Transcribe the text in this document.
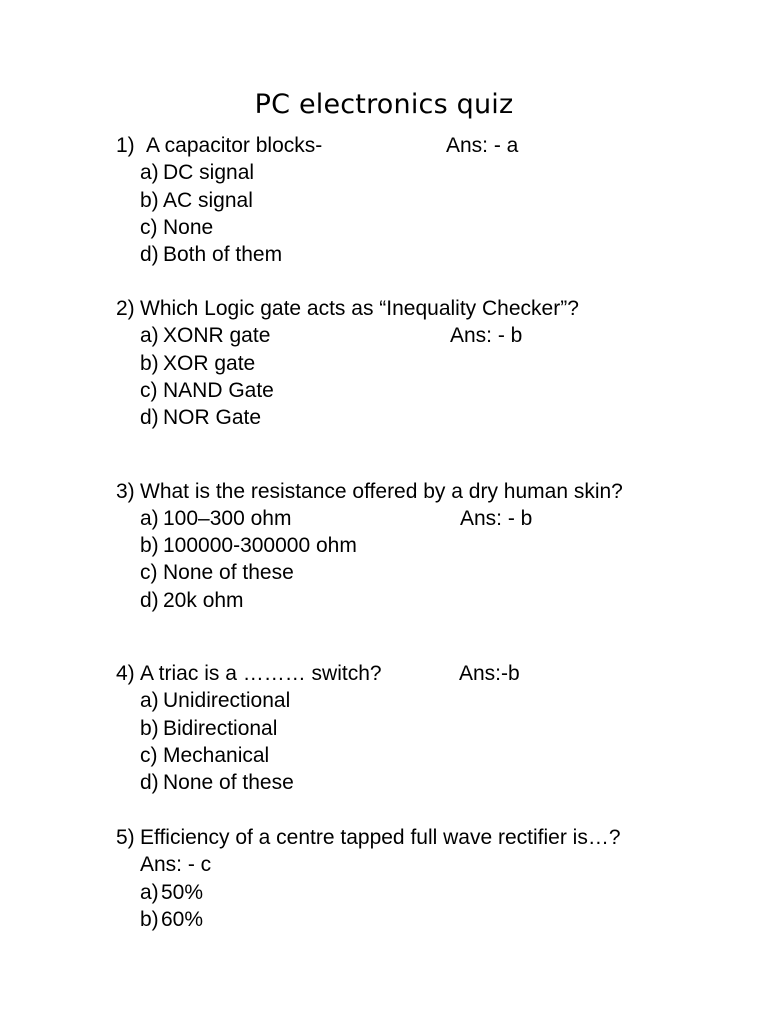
PC electronics quiz
1) A capacitor blocks-	Ans: - a
a) DC signal
b) AC signal
c) None
d) Both of them
2) Which Logic gate acts as “Inequality Checker”?
a) XONR gate	Ans: - b
b) XOR gate
c) NAND Gate
d) NOR Gate
3) What is the resistance offered by a dry human skin?
a) 100–300 ohm	Ans: - b
b) 100000-300000 ohm
c) None of these
d) 20k ohm
4) A triac is a ……… switch?	Ans:-b
a) Unidirectional
b) Bidirectional
c) Mechanical
d) None of these
5) Efficiency of a centre tapped full wave rectifier is…?
Ans: - c
a) 50%
b) 60%
